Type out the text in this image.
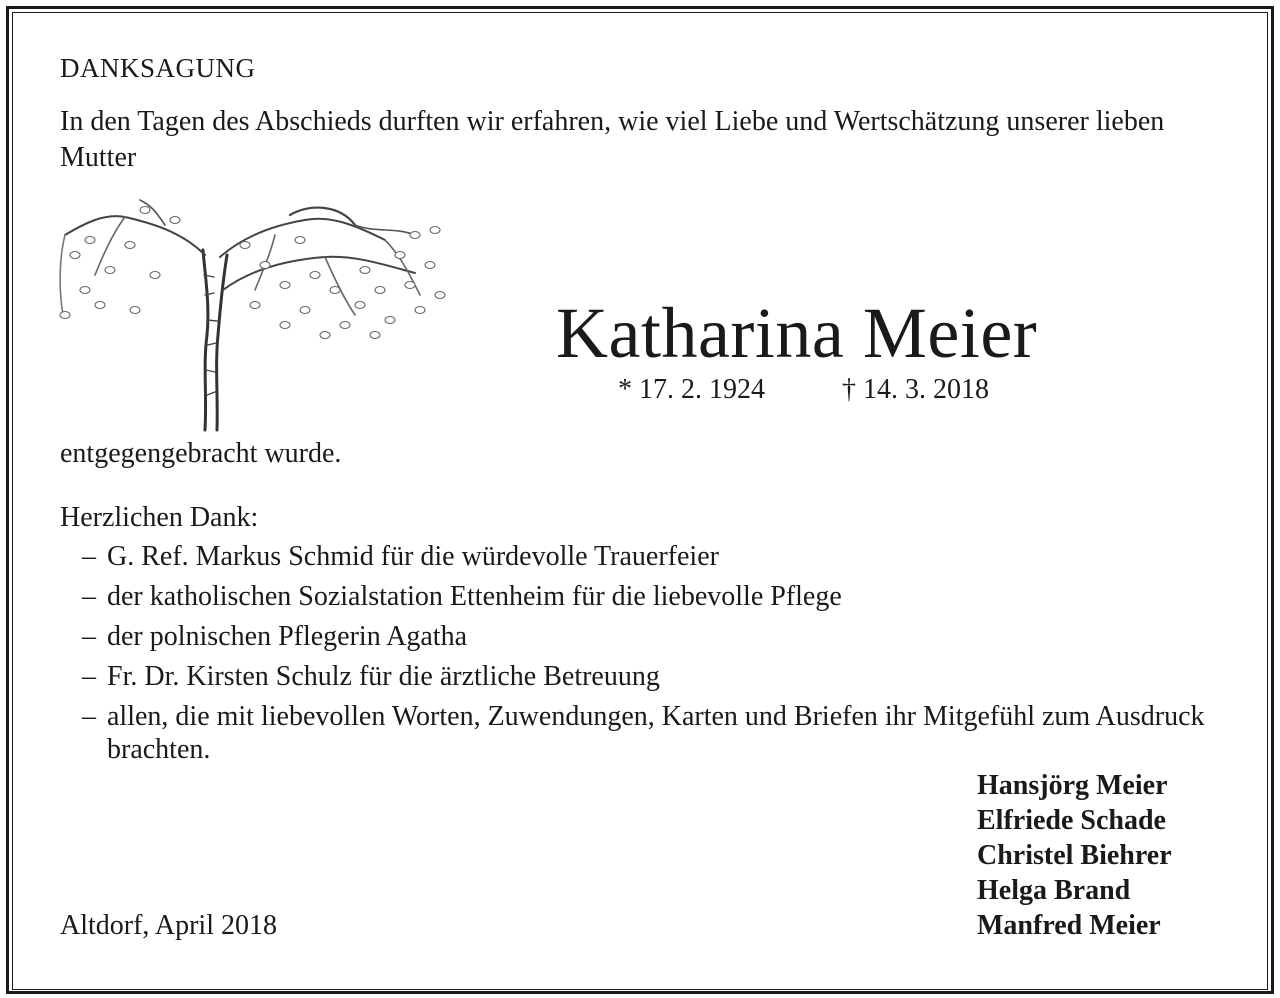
DANKSAGUNG
In den Tagen des Abschieds durften wir erfahren, wie viel Liebe und Wertschätzung unserer lieben Mutter
Katharina Meier
* 17. 2. 1924	† 14. 3. 2018
entgegengebracht wurde.
Herzlichen Dank:
– G. Ref. Markus Schmid für die würdevolle Trauerfeier
– der katholischen Sozialstation Ettenheim für die liebevolle Pflege
– der polnischen Pflegerin Agatha
– Fr. Dr. Kirsten Schulz für die ärztliche Betreuung
– allen, die mit liebevollen Worten, Zuwendungen, Karten und Briefen ihr Mitgefühl zum Ausdruck brachten.
Hansjörg Meier
Elfriede Schade
Christel Biehrer
Helga Brand
Manfred Meier
Altdorf, April 2018
